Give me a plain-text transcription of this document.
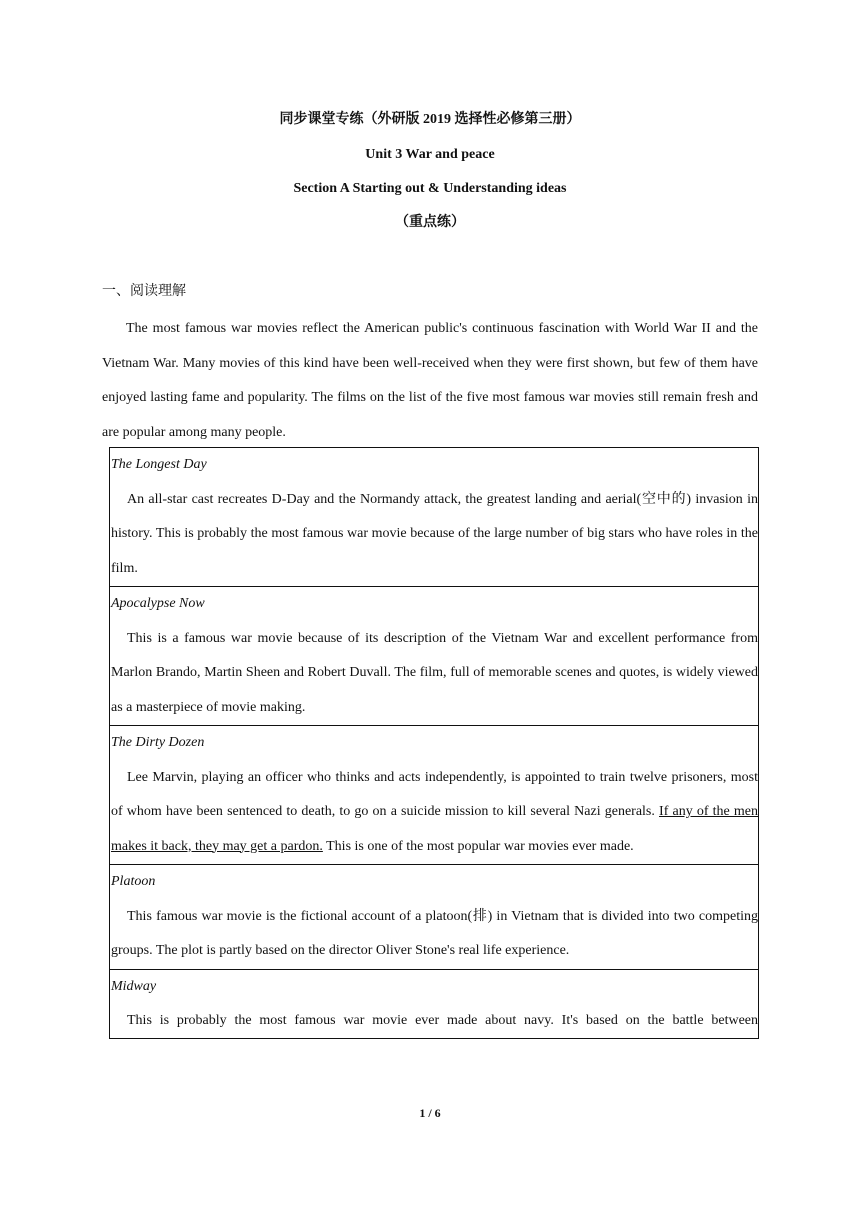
同步课堂专练（外研版 2019 选择性必修第三册）
Unit 3 War and peace
Section A Starting out & Understanding ideas
（重点练）
一、阅读理解

The most famous war movies reflect the American public's continuous fascination with World War II and the Vietnam War. Many movies of this kind have been well-received when they were first shown, but few of them have enjoyed lasting fame and popularity. The films on the list of the five most famous war movies still remain fresh and are popular among many people.

The Longest Day

An all-star cast recreates D-Day and the Normandy attack, the greatest landing and aerial(空中的) invasion in history. This is probably the most famous war movie because of the large number of big stars who have roles in the film.

Apocalypse Now

This is a famous war movie because of its description of the Vietnam War and excellent performance from Marlon Brando, Martin Sheen and Robert Duvall. The film, full of memorable scenes and quotes, is widely viewed as a masterpiece of movie making.

The Dirty Dozen

Lee Marvin, playing an officer who thinks and acts independently, is appointed to train twelve prisoners, most of whom have been sentenced to death, to go on a suicide mission to kill several Nazi generals. If any of the men makes it back, they may get a pardon. This is one of the most popular war movies ever made.

Platoon

This famous war movie is the fictional account of a platoon(排) in Vietnam that is divided into two competing groups. The plot is partly based on the director Oliver Stone's real life experience.

Midway

This is probably the most famous war movie ever made about navy. It's based on the battle between

1 / 6
